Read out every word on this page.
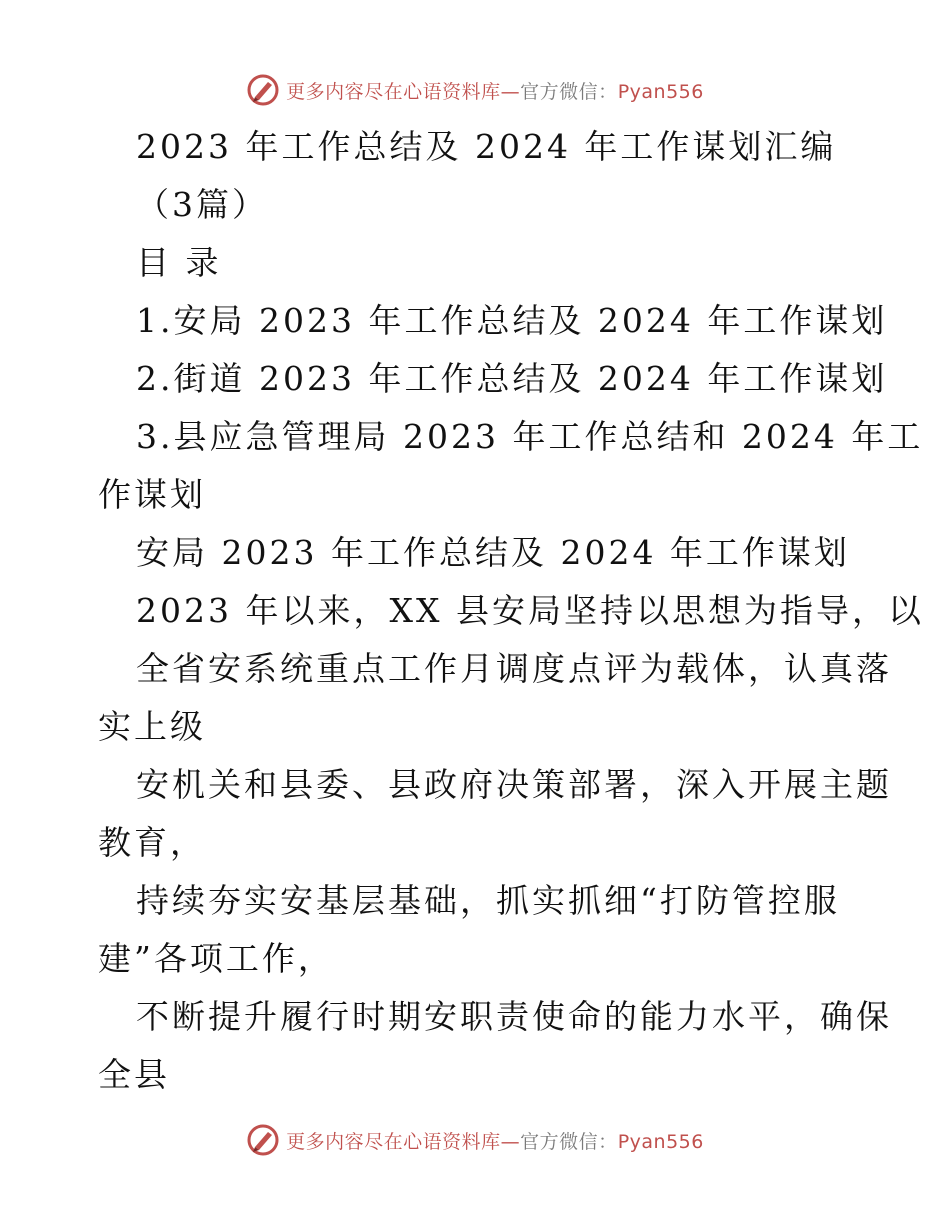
更多内容尽在心语资料库—官方微信：Pyan556
2023 年工作总结及 2024 年工作谋划汇编
（3篇）
目 录
1.安局 2023 年工作总结及 2024 年工作谋划
2.街道 2023 年工作总结及 2024 年工作谋划
3.县应急管理局 2023 年工作总结和 2024 年工
作谋划
安局 2023 年工作总结及 2024 年工作谋划
2023 年以来，XX 县安局坚持以思想为指导，以
全省安系统重点工作月调度点评为载体，认真落
实上级
安机关和县委、县政府决策部署，深入开展主题
教育，
持续夯实安基层基础，抓实抓细“打防管控服
建”各项工作，
不断提升履行时期安职责使命的能力水平，确保
全县
更多内容尽在心语资料库—官方微信：Pyan556
